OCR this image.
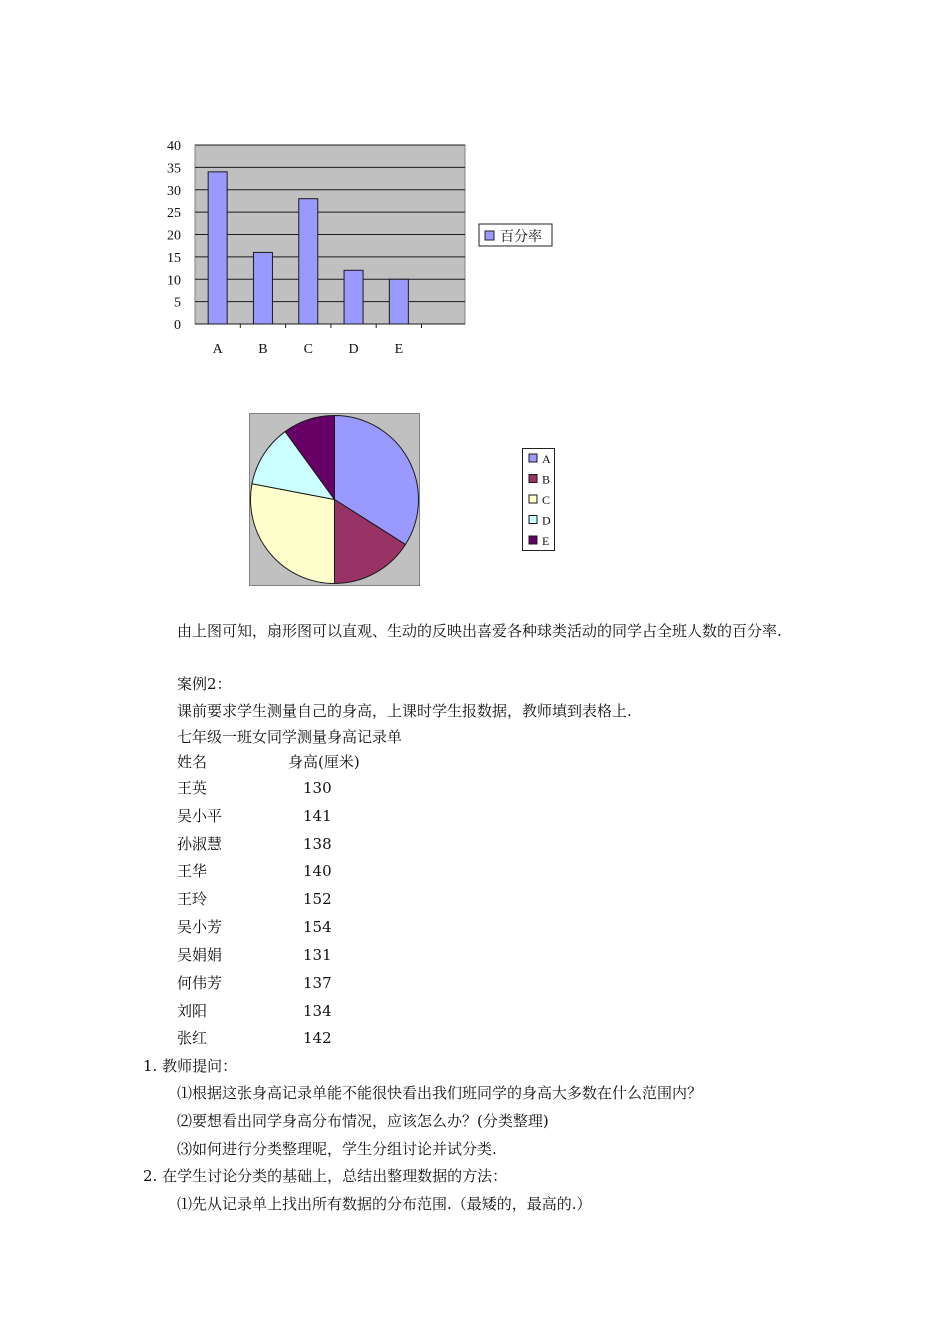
0
5
10
15
20
25
30
35
40
A	B	C	D	E
百分率
A
B
C
D
E
由上图可知，扇形图可以直观、生动的反映出喜爱各种球类活动的同学占全班人数的百分率.
案例2：
课前要求学生测量自己的身高，上课时学生报数据，教师填到表格上.
七年级一班女同学测量身高记录单
姓名	身高(厘米)
王英	130
吴小平	141
孙淑慧	138
王华	140
王玲	152
吴小芳	154
吴娟娟	131
何伟芳	137
刘阳	134
张红	142
1. 教师提问：
⑴根据这张身高记录单能不能很快看出我们班同学的身高大多数在什么范围内？
⑵要想看出同学身高分布情况，应该怎么办？(分类整理)
⑶如何进行分类整理呢，学生分组讨论并试分类.
2. 在学生讨论分类的基础上，总结出整理数据的方法：
⑴先从记录单上找出所有数据的分布范围.（最矮的，最高的.）
